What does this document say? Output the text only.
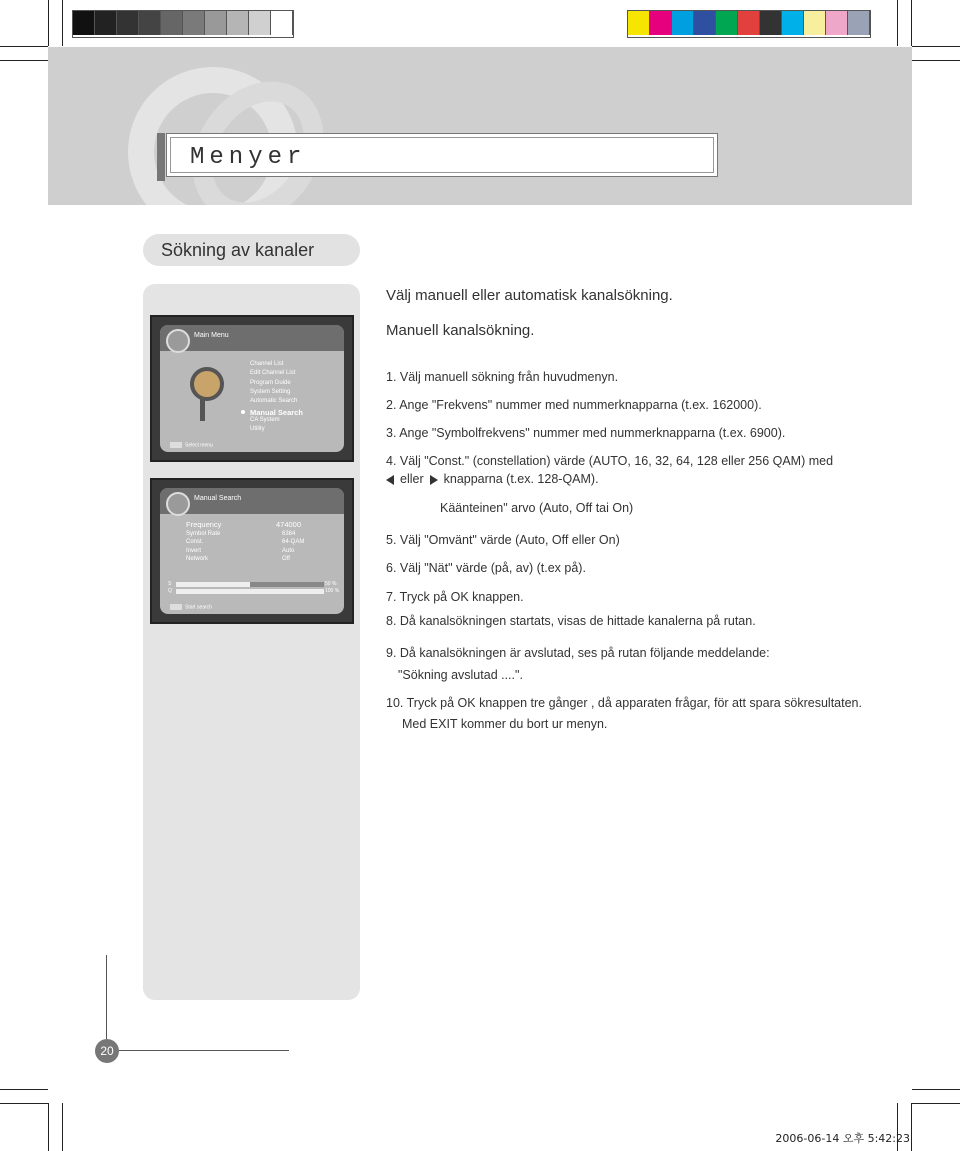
Menyer
Sökning av kanaler
Main Menu
Channel List
Edit Channel List
Program Guide
System Setting
Automatic Search
Manual Search
CA System
Utility
Select menu
Manual Search
Frequency	474000
Symbol Rate	6384
Const.	64-QAM
Invert	Auto
Network	Off
S
Q
50 %
100 %
Start search
Välj manuell eller automatisk kanalsökning.
Manuell kanalsökning.
1. Välj manuell sökning från huvudmenyn.
2. Ange "Frekvens" nummer med nummerknapparna (t.ex. 162000).
3. Ange "Symbolfrekvens" nummer med nummerknapparna (t.ex. 6900).
4. Välj "Const." (constellation) värde (AUTO, 16, 32, 64, 128 eller 256 QAM) med
eller knapparna (t.ex. 128-QAM).
Käänteinen" arvo (Auto, Off tai On)
5. Välj "Omvänt" värde (Auto, Off eller On)
6. Välj "Nät" värde (på, av) (t.ex på).
7. Tryck på OK knappen.
8. Då kanalsökningen startats, visas de hittade kanalerna på rutan.
9. Då kanalsökningen är avslutad, ses på rutan följande meddelande:
"Sökning avslutad ....".
10. Tryck på OK knappen tre gånger , då apparaten frågar, för att spara sökresultaten.
Med EXIT kommer du bort ur menyn.
20
2006-06-14 오후 5:42:23
